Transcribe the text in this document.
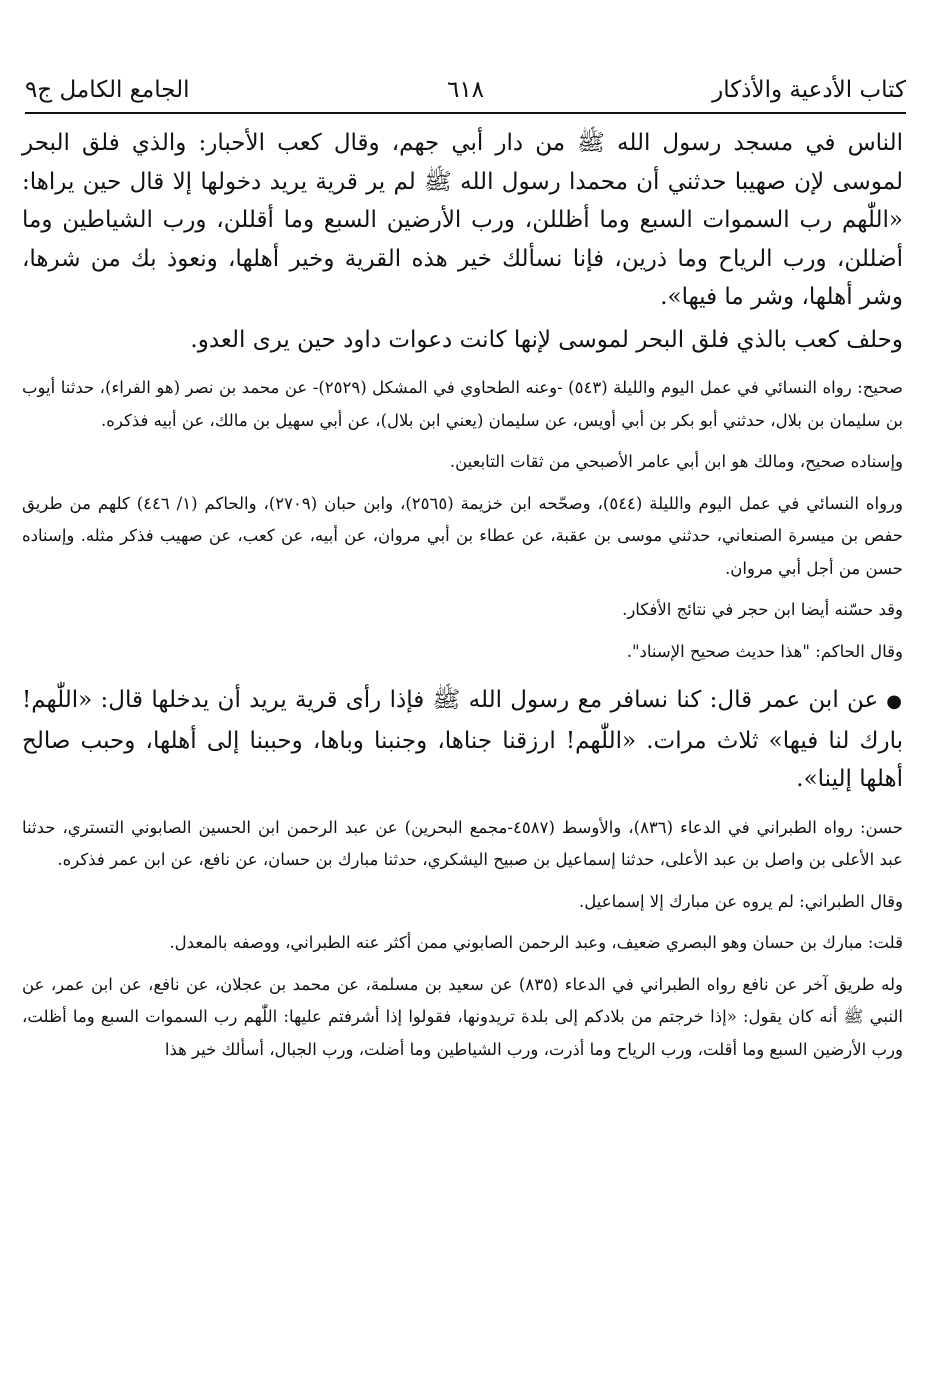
كتاب الأدعية والأذكار
٦١٨
الجامع الكامل ج٩

الناس في مسجد رسول الله ﷺ من دار أبي جهم، وقال كعب الأحبار: والذي فلق البحر لموسى لإن صهيبا حدثني أن محمدا رسول الله ﷺ لم ير قرية يريد دخولها إلا قال حين يراها: «اللّٰهم رب السموات السبع وما أظللن، ورب الأرضين السبع وما أقللن، ورب الشياطين وما أضللن، ورب الرياح وما ذرين، فإنا نسألك خير هذه القرية وخير أهلها، ونعوذ بك من شرها، وشر أهلها، وشر ما فيها».

وحلف كعب بالذي فلق البحر لموسى لإنها كانت دعوات داود حين يرى العدو.

صحيح: رواه النسائي في عمل اليوم والليلة (٥٤٣) -وعنه الطحاوي في المشكل (٢٥٢٩)- عن محمد بن نصر (هو الفراء)، حدثنا أيوب بن سليمان بن بلال، حدثني أبو بكر بن أبي أويس، عن سليمان (يعني ابن بلال)، عن أبي سهيل بن مالك، عن أبيه فذكره.

وإسناده صحيح، ومالك هو ابن أبي عامر الأصبحي من ثقات التابعين.

ورواه النسائي في عمل اليوم والليلة (٥٤٤)، وصحّحه ابن خزيمة (٢٥٦٥)، وابن حبان (٢٧٠٩)، والحاكم (١/ ٤٤٦) كلهم من طريق حفص بن ميسرة الصنعاني، حدثني موسى بن عقبة، عن عطاء بن أبي مروان، عن أبيه، عن كعب، عن صهيب فذكر مثله. وإسناده حسن من أجل أبي مروان.

وقد حسّنه أيضا ابن حجر في نتائج الأفكار.

وقال الحاكم: "هذا حديث صحيح الإسناد".

●عن ابن عمر قال: كنا نسافر مع رسول الله ﷺ فإذا رأى قرية يريد أن يدخلها قال: «اللّٰهم! بارك لنا فيها» ثلاث مرات. «اللّٰهم! ارزقنا جناها، وجنبنا وباها، وحببنا إلى أهلها، وحبب صالح أهلها إلينا».

حسن: رواه الطبراني في الدعاء (٨٣٦)، والأوسط (٤٥٨٧-مجمع البحرين) عن عبد الرحمن ابن الحسين الصابوني التستري، حدثنا عبد الأعلى بن واصل بن عبد الأعلى، حدثنا إسماعيل بن صبيح اليشكري، حدثنا مبارك بن حسان، عن نافع، عن ابن عمر فذكره.

وقال الطبراني: لم يروه عن مبارك إلا إسماعيل.

قلت: مبارك بن حسان وهو البصري ضعيف، وعبد الرحمن الصابوني ممن أكثر عنه الطبراني، ووصفه بالمعدل.

وله طريق آخر عن نافع رواه الطبراني في الدعاء (٨٣٥) عن سعيد بن مسلمة، عن محمد بن عجلان، عن نافع، عن ابن عمر، عن النبي ﷺ أنه كان يقول: «إذا خرجتم من بلادكم إلى بلدة تريدونها، فقولوا إذا أشرفتم عليها: اللّٰهم رب السموات السبع وما أظلت، ورب الأرضين السبع وما أقلت، ورب الرياح وما أذرت، ورب الشياطين وما أضلت، ورب الجبال، أسألك خير هذا
